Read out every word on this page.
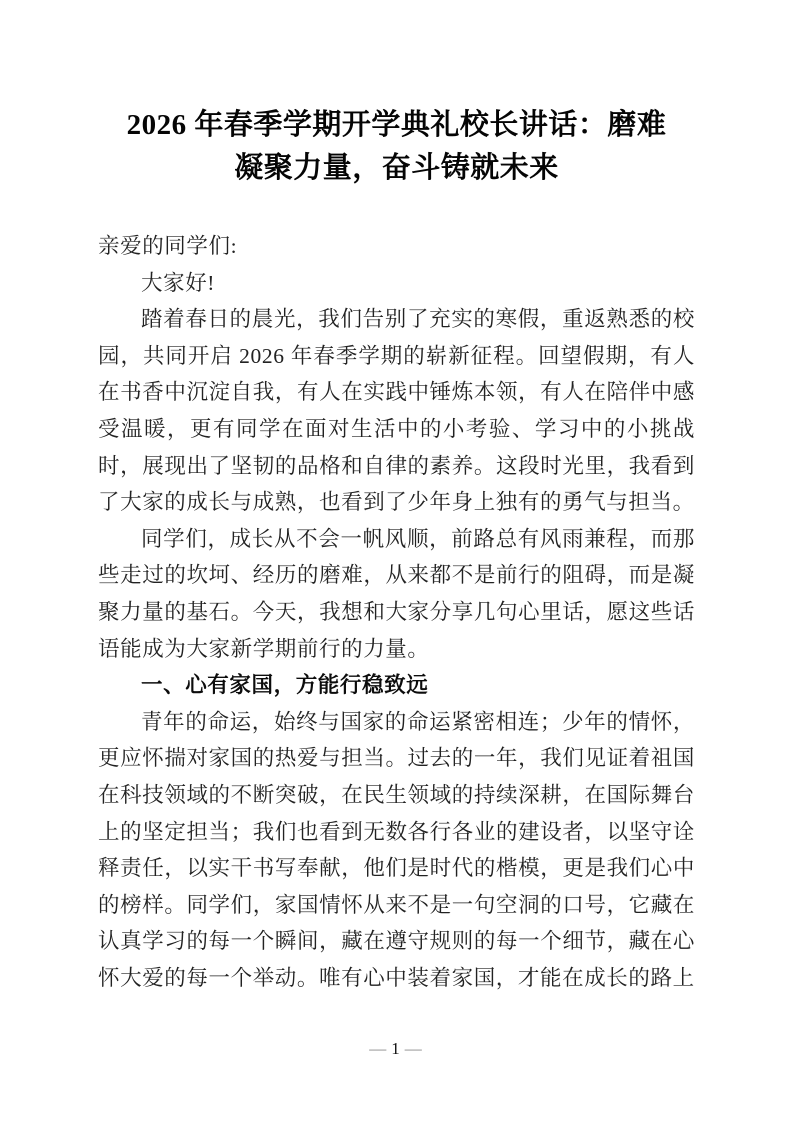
2026 年春季学期开学典礼校长讲话：磨难
凝聚力量，奋斗铸就未来

亲爱的同学们:

大家好!

踏着春日的晨光，我们告别了充实的寒假，重返熟悉的校园，共同开启 2026 年春季学期的崭新征程。回望假期，有人在书香中沉淀自我，有人在实践中锤炼本领，有人在陪伴中感受温暖，更有同学在面对生活中的小考验、学习中的小挑战时，展现出了坚韧的品格和自律的素养。这段时光里，我看到了大家的成长与成熟，也看到了少年身上独有的勇气与担当。

同学们，成长从不会一帆风顺，前路总有风雨兼程，而那些走过的坎坷、经历的磨难，从来都不是前行的阻碍，而是凝聚力量的基石。今天，我想和大家分享几句心里话，愿这些话语能成为大家新学期前行的力量。

一、心有家国，方能行稳致远

青年的命运，始终与国家的命运紧密相连；少年的情怀，更应怀揣对家国的热爱与担当。过去的一年，我们见证着祖国在科技领域的不断突破，在民生领域的持续深耕，在国际舞台上的坚定担当；我们也看到无数各行各业的建设者，以坚守诠释责任，以实干书写奉献，他们是时代的楷模，更是我们心中的榜样。同学们，家国情怀从来不是一句空洞的口号，它藏在认真学习的每一个瞬间，藏在遵守规则的每一个细节，藏在心怀大爱的每一个举动。唯有心中装着家国，才能在成长的路上

— 1 —
